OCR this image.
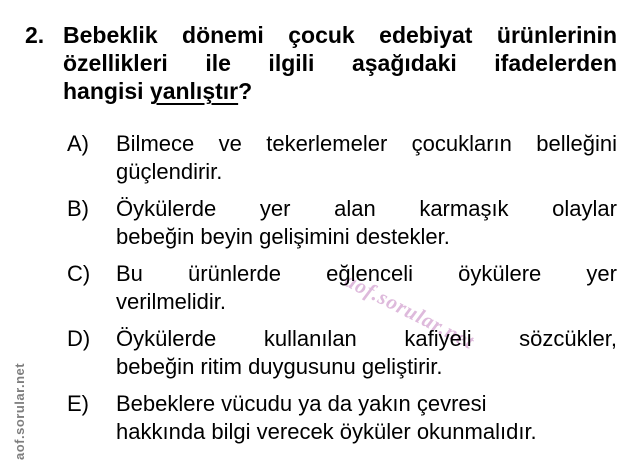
aof.sorular.net
aof.sorular.net
2. Bebeklik dönemi çocuk edebiyat ürünlerinin
özellikleri ile ilgili aşağıdaki ifadelerden
hangisi yanlıştır?
A)	Bilmece ve tekerlemeler çocukların belleğini
güçlendirir.
B)	Öykülerde yer alan karmaşık olaylar
bebeğin beyin gelişimini destekler.
C)	Bu ürünlerde eğlenceli öykülere yer
verilmelidir.
D)	Öykülerde kullanılan kafiyeli sözcükler,
bebeğin ritim duygusunu geliştirir.
E)	Bebeklere vücudu ya da yakın çevresi
hakkında bilgi verecek öyküler okunmalıdır.
